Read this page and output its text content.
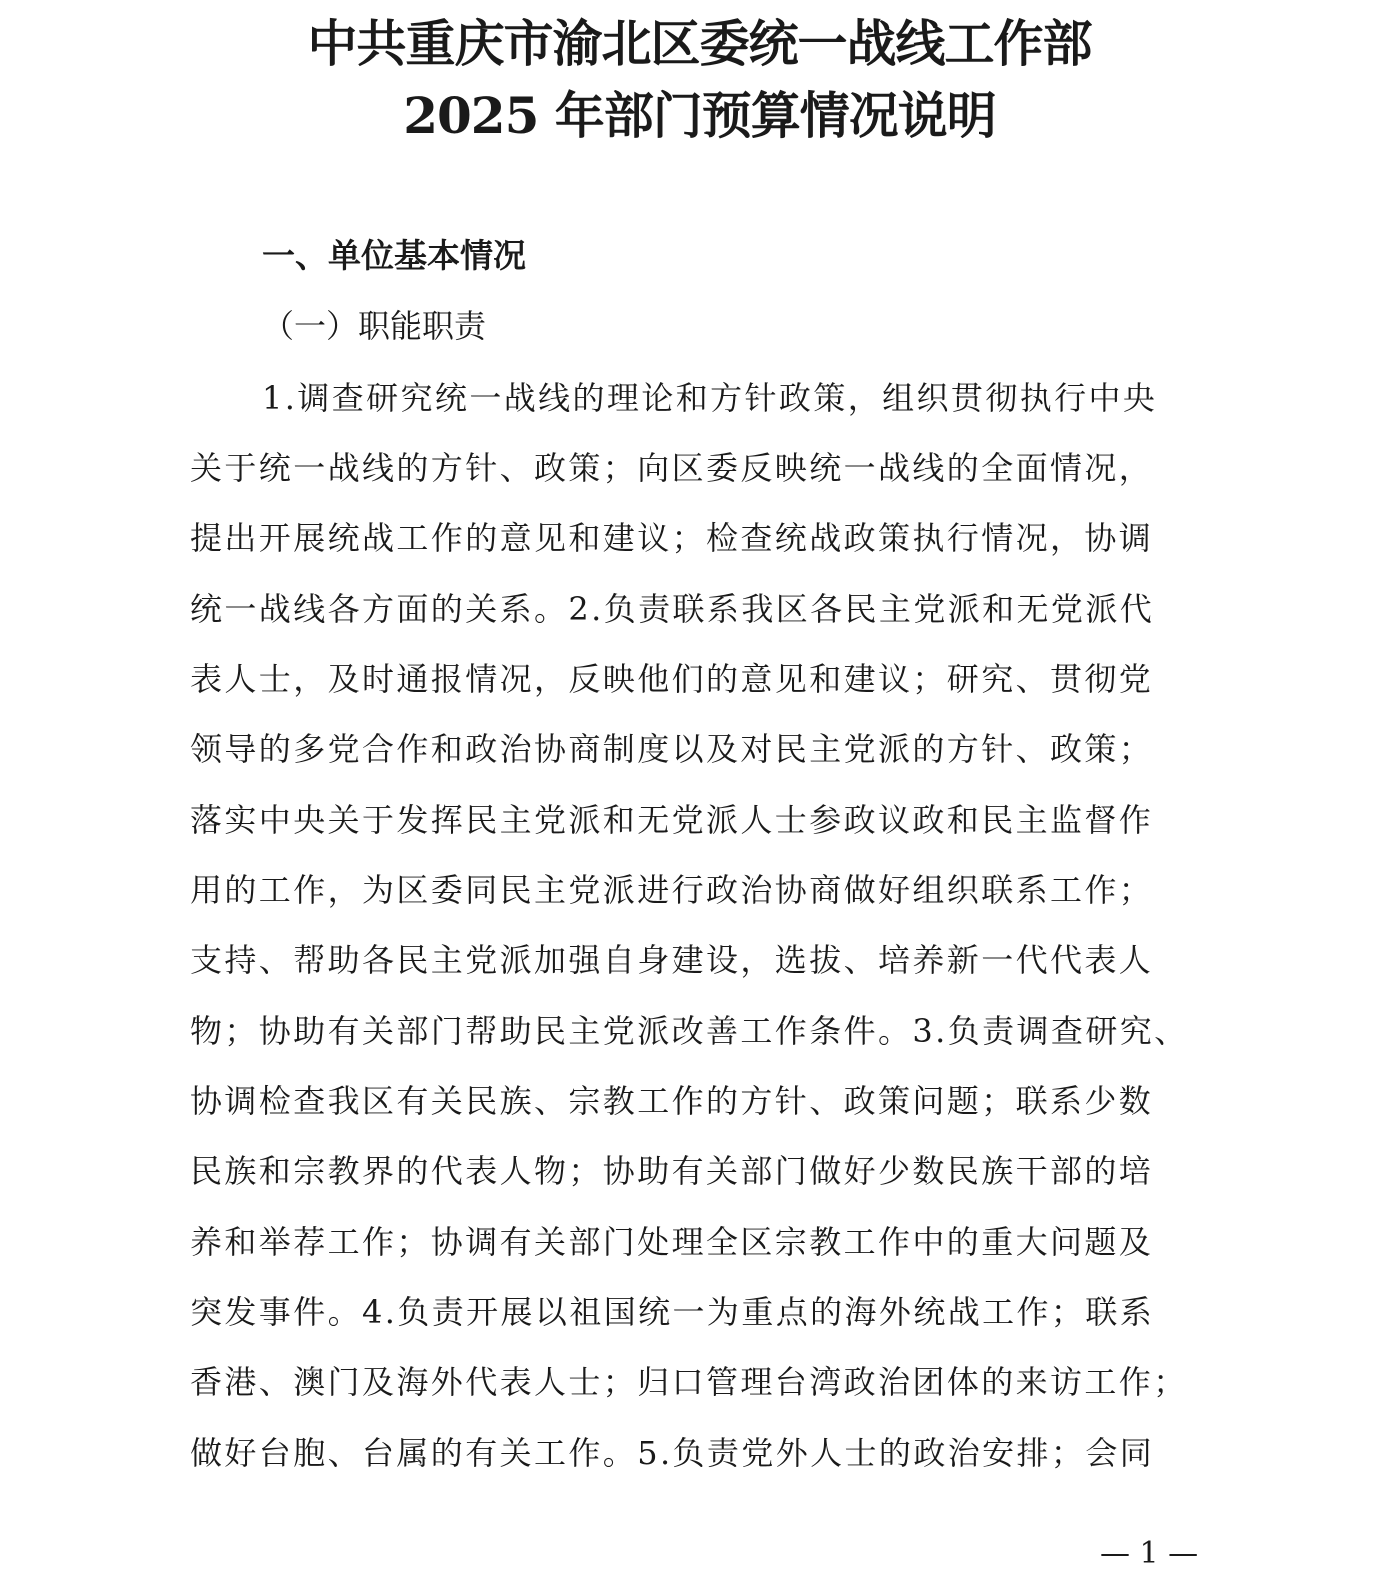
中共重庆市渝北区委统一战线工作部
2025 年部门预算情况说明
一、单位基本情况
（一）职能职责
1.调查研究统一战线的理论和方针政策，组织贯彻执行中央
关于统一战线的方针、政策；向区委反映统一战线的全面情况，
提出开展统战工作的意见和建议；检查统战政策执行情况，协调
统一战线各方面的关系。2.负责联系我区各民主党派和无党派代
表人士，及时通报情况，反映他们的意见和建议；研究、贯彻党
领导的多党合作和政治协商制度以及对民主党派的方针、政策；
落实中央关于发挥民主党派和无党派人士参政议政和民主监督作
用的工作，为区委同民主党派进行政治协商做好组织联系工作；
支持、帮助各民主党派加强自身建设，选拔、培养新一代代表人
物；协助有关部门帮助民主党派改善工作条件。3.负责调查研究、
协调检查我区有关民族、宗教工作的方针、政策问题；联系少数
民族和宗教界的代表人物；协助有关部门做好少数民族干部的培
养和举荐工作；协调有关部门处理全区宗教工作中的重大问题及
突发事件。4.负责开展以祖国统一为重点的海外统战工作；联系
香港、澳门及海外代表人士；归口管理台湾政治团体的来访工作；
做好台胞、台属的有关工作。5.负责党外人士的政治安排；会同
— 1 —
